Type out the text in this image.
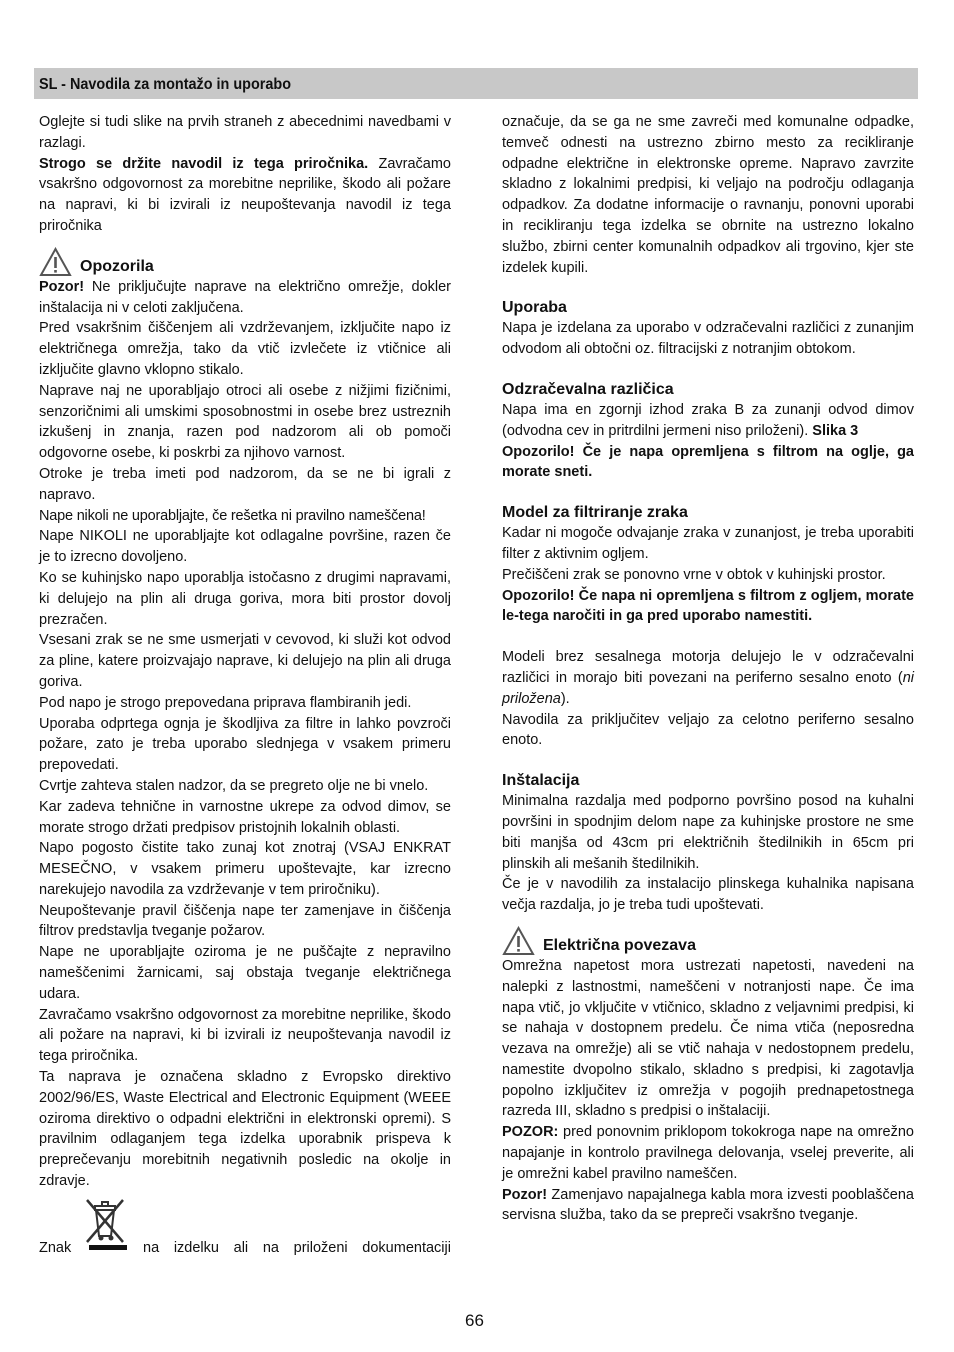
SL - Navodila za montažo in uporabo

Oglejte si tudi slike na prvih straneh z abecednimi navedbami v razlagi.

Strogo se držite navodil iz tega priročnika. Zavračamo vsakršno odgovornost za morebitne neprilike, škodo ali požare na napravi, ki bi izvirali iz neupoštevanja navodil iz tega priročnika

Opozorila

Pozor! Ne priključujte naprave na električno omrežje, dokler inštalacija ni v celoti zaključena.

Pred vsakršnim čiščenjem ali vzdrževanjem, izključite napo iz električnega omrežja, tako da vtič izvlečete iz vtičnice ali izključite glavno vklopno stikalo.

Naprave naj ne uporabljajo otroci ali osebe z nižjimi fizičnimi, senzoričnimi ali umskimi sposobnostmi in osebe brez ustreznih izkušenj in znanja, razen pod nadzorom ali ob pomoči odgovorne osebe, ki poskrbi za njihovo varnost.

Otroke je treba imeti pod nadzorom, da se ne bi igrali z napravo.

Nape nikoli ne uporabljajte, če rešetka ni pravilno nameščena!

Nape NIKOLI ne uporabljajte kot odlagalne površine, razen če je to izrecno dovoljeno.

Ko se kuhinjsko napo uporablja istočasno z drugimi napravami, ki delujejo na plin ali druga goriva, mora biti prostor dovolj prezračen.

Vsesani zrak se ne sme usmerjati v cevovod, ki služi kot odvod za pline, katere proizvajajo naprave, ki delujejo na plin ali druga goriva.

Pod napo je strogo prepovedana priprava flambiranih jedi.

Uporaba odprtega ognja je škodljiva za filtre in lahko povzroči požare, zato je treba uporabo slednjega v vsakem primeru prepovedati.

Cvrtje zahteva stalen nadzor, da se pregreto olje ne bi vnelo.

Kar zadeva tehnične in varnostne ukrepe za odvod dimov, se morate strogo držati predpisov pristojnih lokalnih oblasti.

Napo pogosto čistite tako zunaj kot znotraj (VSAJ ENKRAT MESEČNO, v vsakem primeru upoštevajte, kar izrecno narekujejo navodila za vzdrževanje v tem priročniku).

Neupoštevanje pravil čiščenja nape ter zamenjave in čiščenja filtrov predstavlja tveganje požarov.

Nape ne uporabljajte oziroma je ne puščajte z nepravilno nameščenimi žarnicami, saj obstaja tveganje električnega udara.

Zavračamo vsakršno odgovornost za morebitne neprilike, škodo ali požare na napravi, ki bi izvirali iz neupoštevanja navodil iz tega priročnika.

Ta naprava je označena skladno z Evropsko direktivo 2002/96/ES, Waste Electrical and Electronic Equipment (WEEE oziroma direktivo o odpadni električni in elektronski opremi). S pravilnim odlaganjem tega izdelka uporabnik prispeva k preprečevanju morebitnih negativnih posledic na okolje in zdravje.

Znak	na izdelku ali na priloženi dokumentaciji

označuje, da se ga ne sme zavreči med komunalne odpadke, temveč odnesti na ustrezno zbirno mesto za recikliranje odpadne električne in elektronske opreme. Napravo zavrzite skladno z lokalnimi predpisi, ki veljajo na področju odlaganja odpadkov. Za dodatne informacije o ravnanju, ponovni uporabi in recikliranju tega izdelka se obrnite na ustrezno lokalno službo, zbirni center komunalnih odpadkov ali trgovino, kjer ste izdelek kupili.

Uporaba

Napa je izdelana za uporabo v odzračevalni različici z zunanjim odvodom ali obtočni oz. filtracijski z notranjim obtokom.

Odzračevalna različica

Napa ima en zgornji izhod zraka B za zunanji odvod dimov (odvodna cev in pritrdilni jermeni niso priloženi). Slika 3

Opozorilo! Če je napa opremljena s filtrom na oglje, ga morate sneti.

Model za filtriranje zraka

Kadar ni mogoče odvajanje zraka v zunanjost, je treba uporabiti filter z aktivnim ogljem.

Prečiščeni zrak se ponovno vrne v obtok v kuhinjski prostor.

Opozorilo! Če napa ni opremljena s filtrom z ogljem, morate le-tega naročiti in ga pred uporabo namestiti.

Modeli brez sesalnega motorja delujejo le v odzračevalni različici in morajo biti povezani na periferno sesalno enoto (ni priložena).

Navodila za priključitev veljajo za celotno periferno sesalno enoto.

Inštalacija

Minimalna razdalja med podporno površino posod na kuhalni površini in spodnjim delom nape za kuhinjske prostore ne sme biti manjša od 43cm pri električnih štedilnikih in 65cm pri plinskih ali mešanih štedilnikih.

Če je v navodilih za instalacijo plinskega kuhalnika napisana večja razdalja, jo je treba tudi upoštevati.

Električna povezava

Omrežna napetost mora ustrezati napetosti, navedeni na nalepki z lastnostmi, nameščeni v notranjosti nape. Če ima napa vtič, jo vključite v vtičnico, skladno z veljavnimi predpisi, ki se nahaja v dostopnem predelu. Če nima vtiča (neposredna vezava na omrežje) ali se vtič nahaja v nedostopnem predelu, namestite dvopolno stikalo, skladno s predpisi, ki zagotavlja popolno izključitev iz omrežja v pogojih prednapetostnega razreda III, skladno s predpisi o inštalaciji.

POZOR: pred ponovnim priklopom tokokroga nape na omrežno napajanje in kontrolo pravilnega delovanja, vselej preverite, ali je omrežni kabel pravilno nameščen.

Pozor! Zamenjavo napajalnega kabla mora izvesti pooblaščena servisna služba, tako da se prepreči vsakršno tveganje.

66
